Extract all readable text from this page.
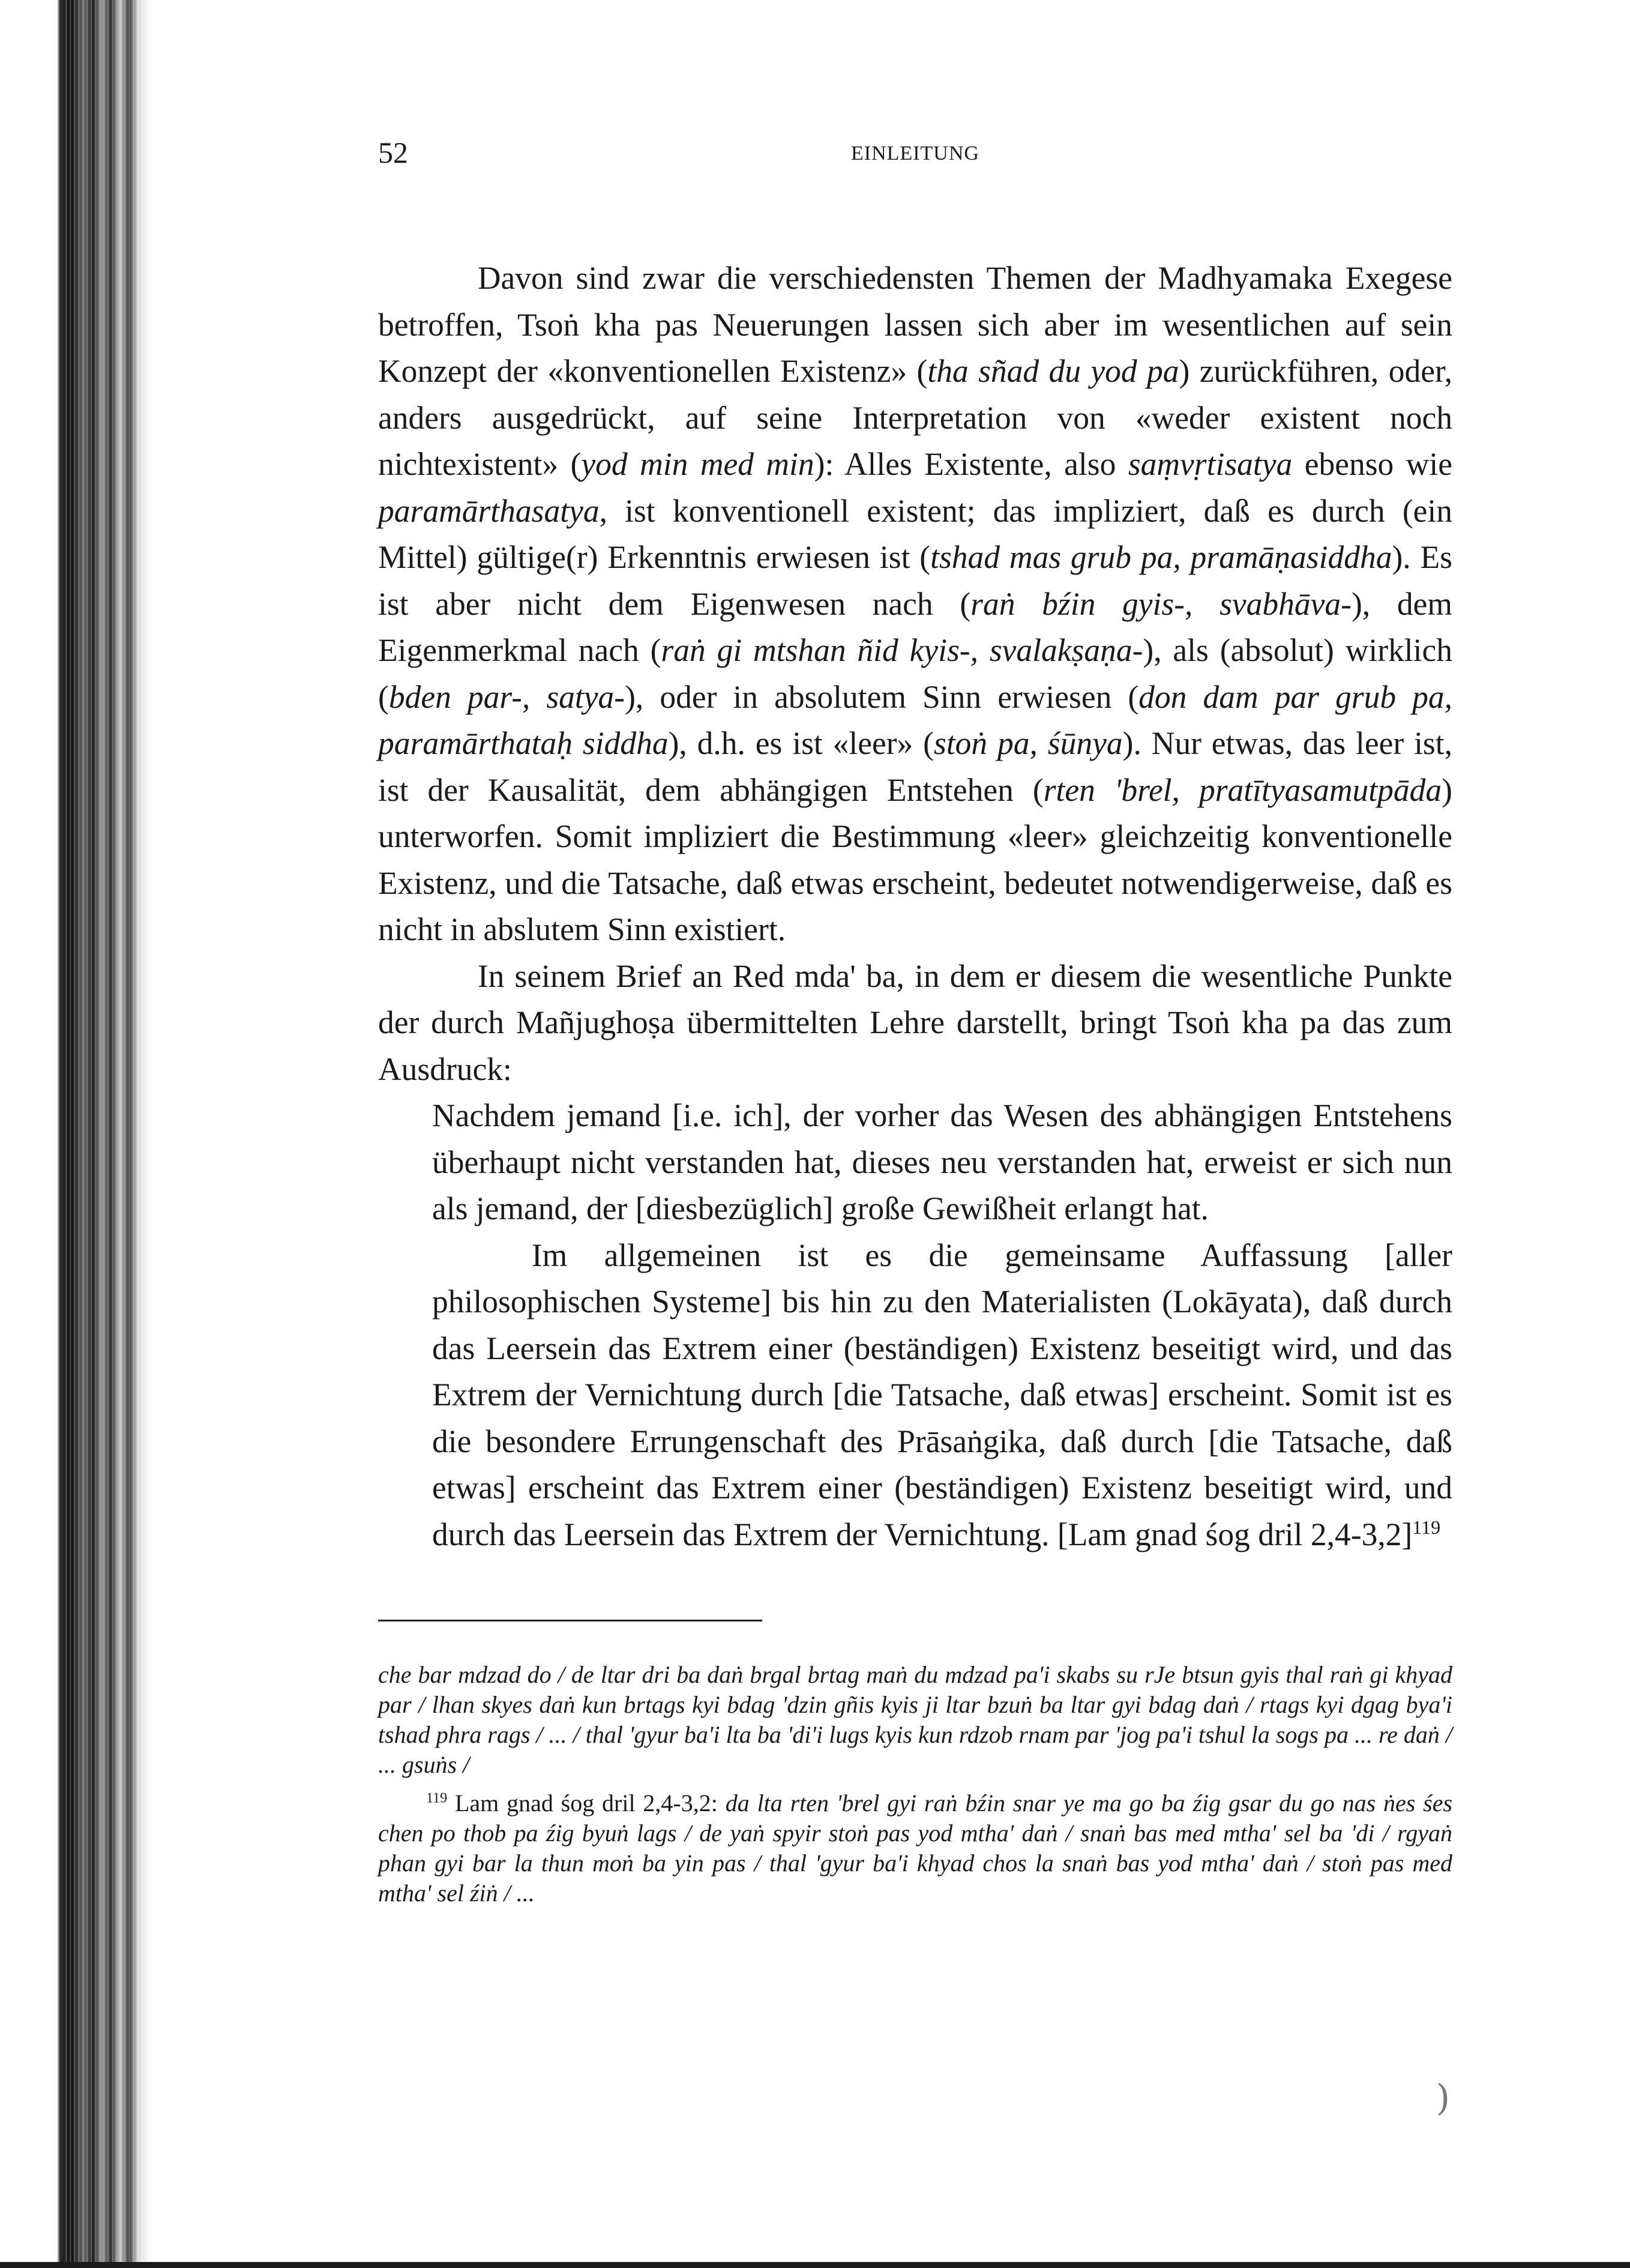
52	EINLEITUNG

Davon sind zwar die verschiedensten Themen der Madhyamaka Exegese betroffen, Tsoṅ kha pas Neuerungen lassen sich aber im wesentlichen auf sein Konzept der «konventionellen Existenz» (tha sñad du yod pa) zurückführen, oder, anders ausgedrückt, auf seine Interpretation von «weder existent noch nichtexistent» (yod min med min): Alles Existente, also saṃvṛtisatya ebenso wie paramārthasatya, ist konventionell existent; das impliziert, daß es durch (ein Mittel) gültige(r) Erkenntnis erwiesen ist (tshad mas grub pa, pramāṇasiddha). Es ist aber nicht dem Eigenwesen nach (raṅ bźin gyis-, svabhāva-), dem Eigenmerkmal nach (raṅ gi mtshan ñid kyis-, svalakṣaṇa-), als (absolut) wirklich (bden par-, satya-), oder in absolutem Sinn erwiesen (don dam par grub pa, paramārthataḥ siddha), d.h. es ist «leer» (stoṅ pa, śūnya). Nur etwas, das leer ist, ist der Kausalität, dem abhängigen Entstehen (rten 'brel, pratītyasamutpāda) unterworfen. Somit impliziert die Bestimmung «leer» gleichzeitig konventionelle Existenz, und die Tatsache, daß etwas erscheint, bedeutet notwendigerweise, daß es nicht in abslutem Sinn existiert.

In seinem Brief an Red mda' ba, in dem er diesem die wesentliche Punkte der durch Mañjughoṣa übermittelten Lehre darstellt, bringt Tsoṅ kha pa das zum Ausdruck:

Nachdem jemand [i.e. ich], der vorher das Wesen des abhängigen Entstehens überhaupt nicht verstanden hat, dieses neu verstanden hat, erweist er sich nun als jemand, der [diesbezüglich] große Gewißheit erlangt hat.

Im allgemeinen ist es die gemeinsame Auffassung [aller philosophischen Systeme] bis hin zu den Materialisten (Lokāyata), daß durch das Leersein das Extrem einer (beständigen) Existenz beseitigt wird, und das Extrem der Vernichtung durch [die Tatsache, daß etwas] erscheint. Somit ist es die besondere Errungenschaft des Prāsaṅgika, daß durch [die Tatsache, daß etwas] erscheint das Extrem einer (beständigen) Existenz beseitigt wird, und durch das Leersein das Extrem der Vernichtung. [Lam gnad śog dril 2,4-3,2]$^{119}$

che bar mdzad do / de ltar dri ba daṅ brgal brtag maṅ du mdzad pa'i skabs su rJe btsun gyis thal raṅ gi khyad par / lhan skyes daṅ kun brtags kyi bdag 'dzin gñis kyis ji ltar bzuṅ ba ltar gyi bdag daṅ / rtags kyi dgag bya'i tshad phra rags / ... / thal 'gyur ba'i lta ba 'di'i lugs kyis kun rdzob rnam par 'jog pa'i tshul la sogs pa ... re daṅ / ... gsuṅs /

$^{119}$ Lam gnad śog dril 2,4-3,2: da lta rten 'brel gyi raṅ bźin snar ye ma go ba źig gsar du go nas ṅes śes chen po thob pa źig byuṅ lags / de yaṅ spyir stoṅ pas yod mtha' daṅ / snaṅ bas med mtha' sel ba 'di / rgyaṅ phan gyi bar la thun moṅ ba yin pas / thal 'gyur ba'i khyad chos la snaṅ bas yod mtha' daṅ / stoṅ pas med mtha' sel źiṅ / ...

)
